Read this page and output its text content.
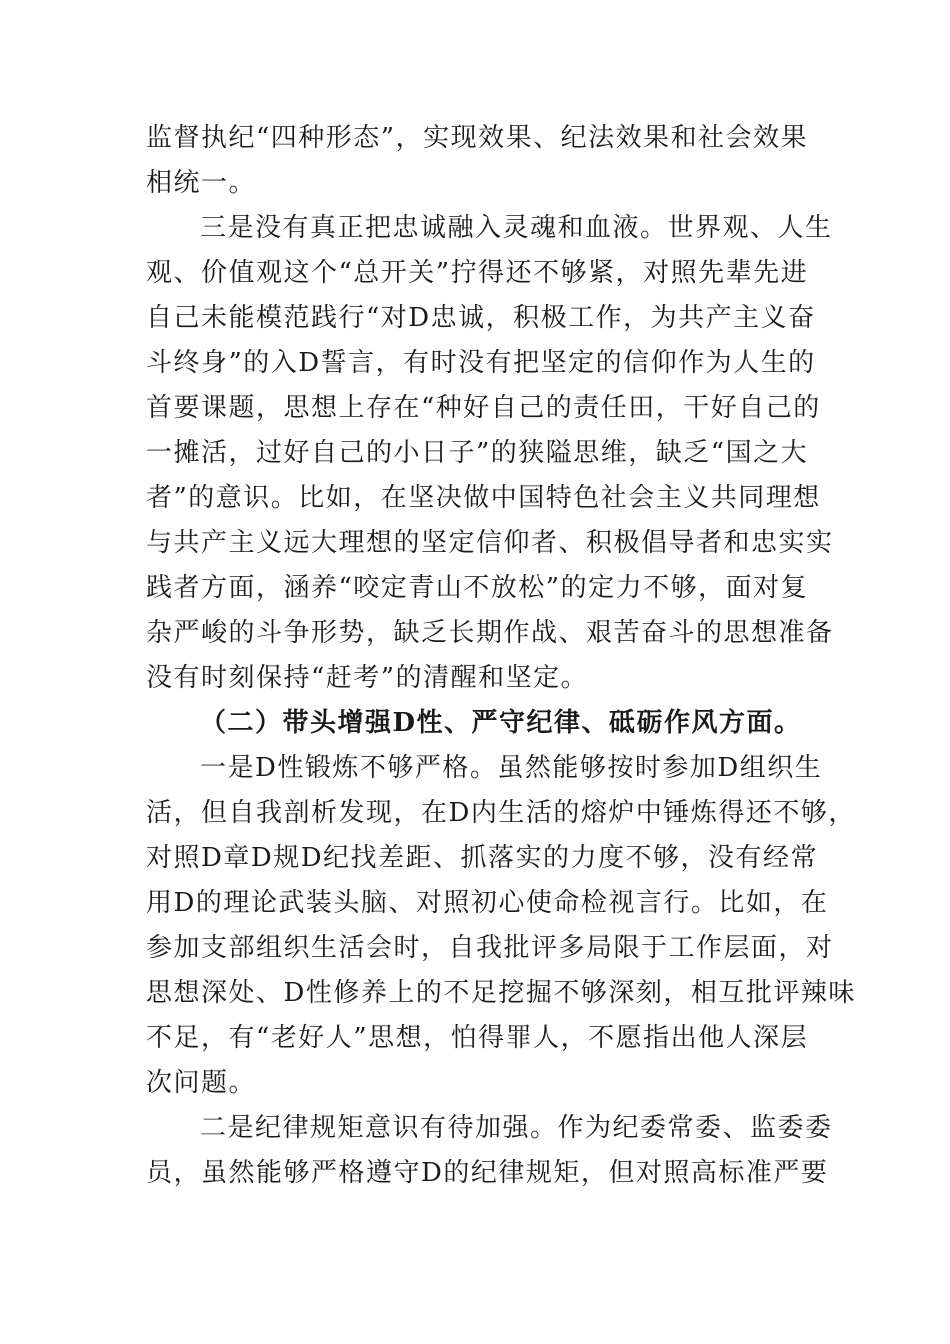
监督执纪“四种形态”，实现效果、纪法效果和社会效果
相统一。
三是没有真正把忠诚融入灵魂和血液。世界观、人生
观、价值观这个“总开关”拧得还不够紧，对照先辈先进
自己未能模范践行“对D忠诚，积极工作，为共产主义奋
斗终身”的入D誓言，有时没有把坚定的信仰作为人生的
首要课题，思想上存在“种好自己的责任田，干好自己的
一摊活，过好自己的小日子”的狭隘思维，缺乏“国之大
者”的意识。比如，在坚决做中国特色社会主义共同理想
与共产主义远大理想的坚定信仰者、积极倡导者和忠实实
践者方面，涵养“咬定青山不放松”的定力不够，面对复
杂严峻的斗争形势，缺乏长期作战、艰苦奋斗的思想准备
没有时刻保持“赶考”的清醒和坚定。
（二）带头增强D性、严守纪律、砥砺作风方面。
一是D性锻炼不够严格。虽然能够按时参加D组织生
活，但自我剖析发现，在D内生活的熔炉中锤炼得还不够，
对照D章D规D纪找差距、抓落实的力度不够，没有经常
用D的理论武装头脑、对照初心使命检视言行。比如，在
参加支部组织生活会时，自我批评多局限于工作层面，对
思想深处、D性修养上的不足挖掘不够深刻，相互批评辣味
不足，有“老好人”思想，怕得罪人，不愿指出他人深层
次问题。
二是纪律规矩意识有待加强。作为纪委常委、监委委
员，虽然能够严格遵守D的纪律规矩，但对照高标准严要
